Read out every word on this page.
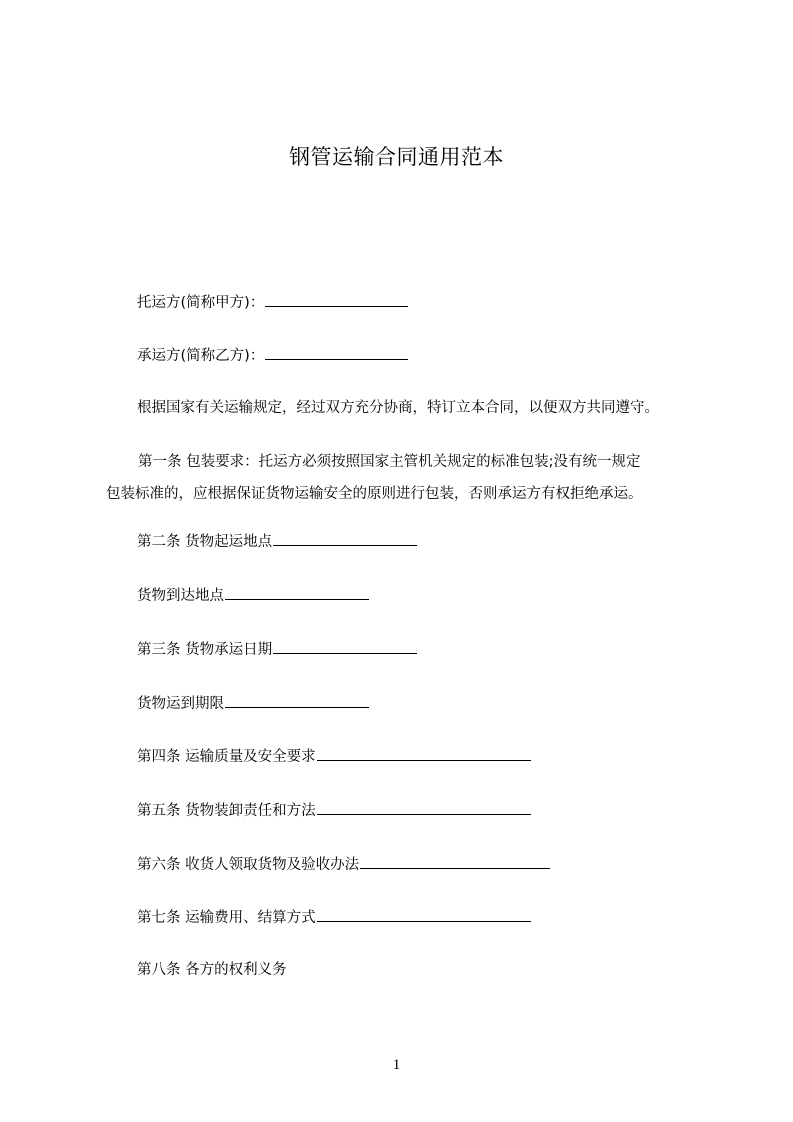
钢管运输合同通用范本
托运方(简称甲方)：
承运方(简称乙方)：
根据国家有关运输规定，经过双方充分协商，特订立本合同，以便双方共同遵守。
第一条 包装要求：托运方必须按照国家主管机关规定的标准包装;没有统一规定
包装标准的，应根据保证货物运输安全的原则进行包装，否则承运方有权拒绝承运。
第二条 货物起运地点
货物到达地点
第三条 货物承运日期
货物运到期限
第四条 运输质量及安全要求
第五条 货物装卸责任和方法
第六条 收货人领取货物及验收办法
第七条 运输费用、结算方式
第八条 各方的权利义务
1
